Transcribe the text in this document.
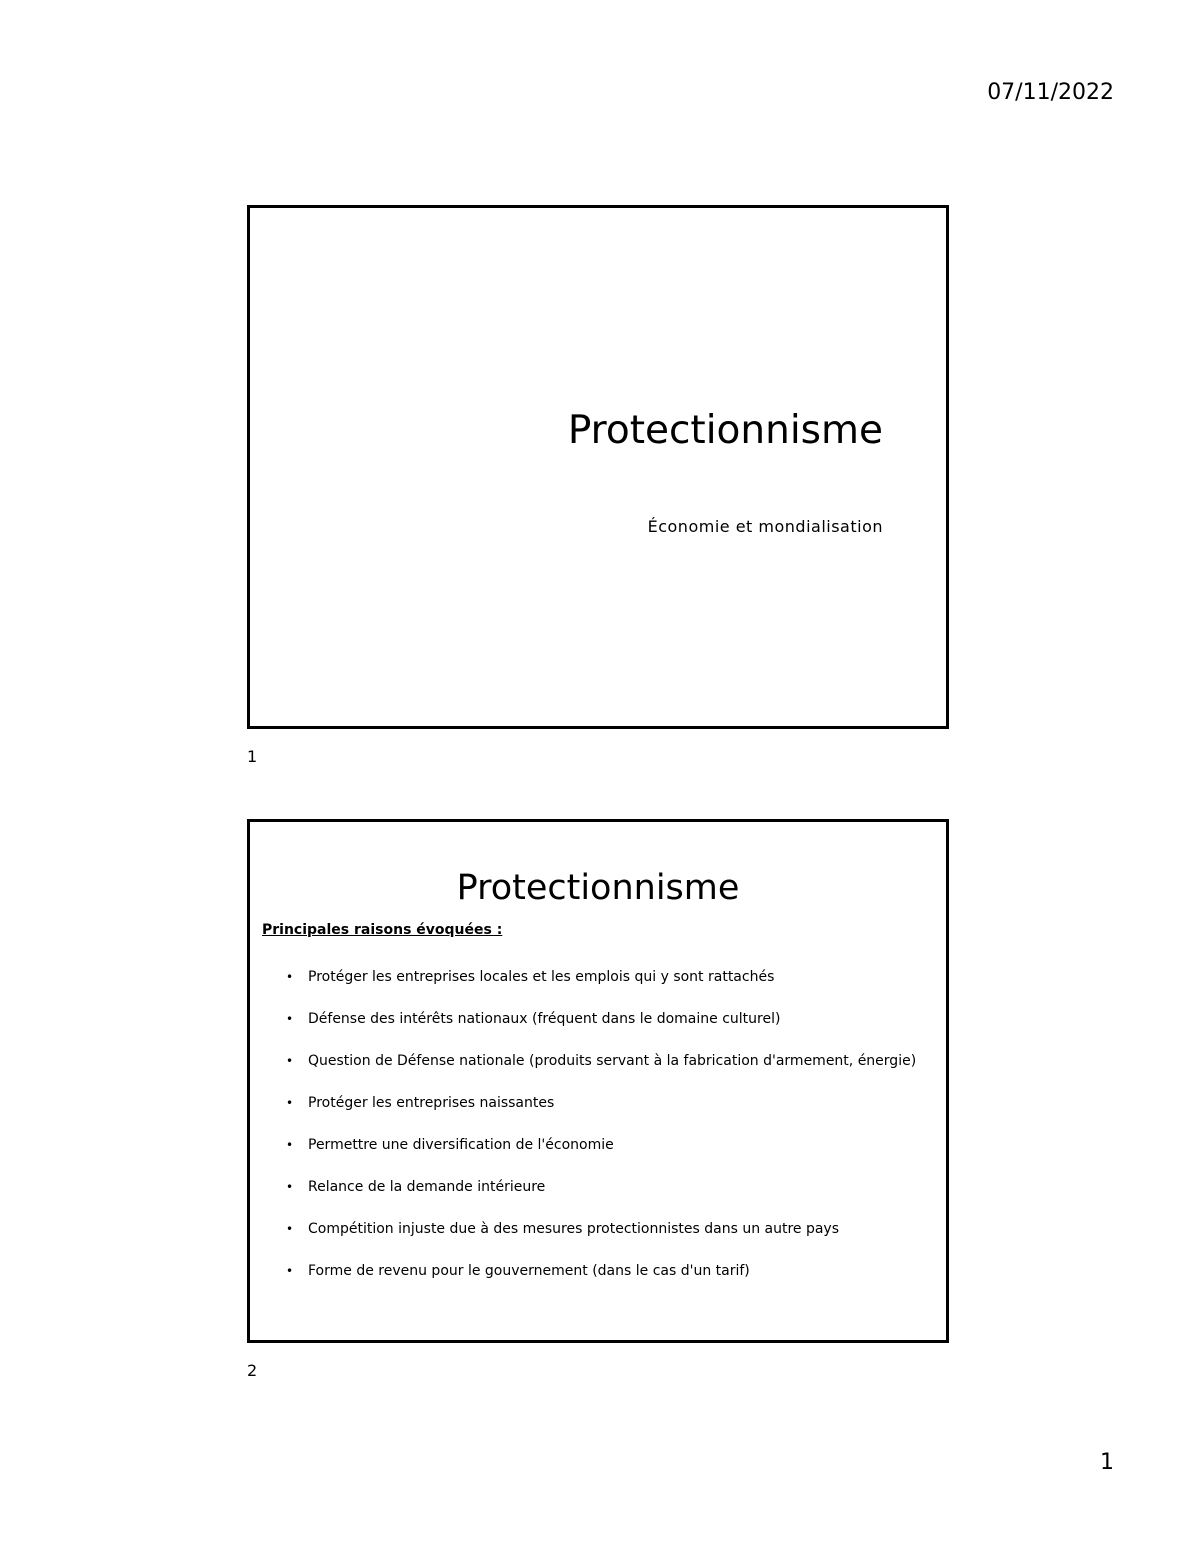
07/11/2022
Protectionnisme
Économie et mondialisation
1
Protectionnisme
Principales raisons évoquées :
• Protéger les entreprises locales et les emplois qui y sont rattachés
• Défense des intérêts nationaux (fréquent dans le domaine culturel)
• Question de Défense nationale (produits servant à la fabrication d'armement, énergie)
• Protéger les entreprises naissantes
• Permettre une diversification de l'économie
• Relance de la demande intérieure
• Compétition injuste due à des mesures protectionnistes dans un autre pays
• Forme de revenu pour le gouvernement (dans le cas d'un tarif)
2
1
